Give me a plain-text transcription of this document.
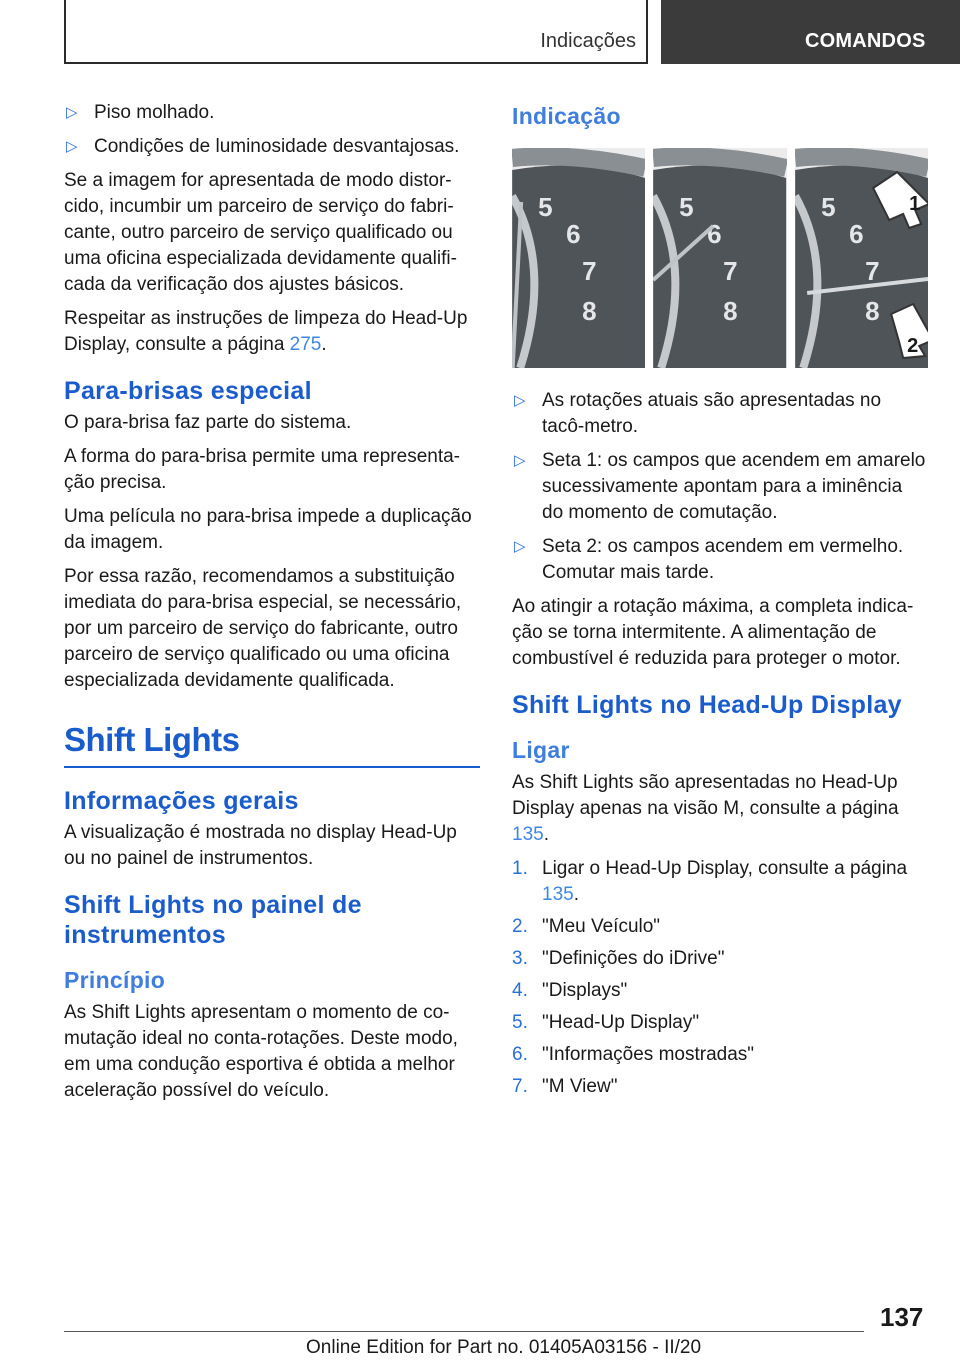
Indicações	COMANDOS
▷ Piso molhado.
▷ Condições de luminosidade desvantajosas.

Se a imagem for apresentada de modo distor-cido, incumbir um parceiro de serviço do fabri-cante, outro parceiro de serviço qualificado ou uma oficina especializada devidamente qualifi-cada da verificação dos ajustes básicos.

Respeitar as instruções de limpeza do Head-Up Display, consulte a página 275.

Para-brisas especial

O para-brisa faz parte do sistema.

A forma do para-brisa permite uma representa-ção precisa.

Uma película no para-brisa impede a duplicação da imagem.

Por essa razão, recomendamos a substituição imediata do para-brisa especial, se necessário, por um parceiro de serviço do fabricante, outro parceiro de serviço qualificado ou uma oficina especializada devidamente qualificada.

Shift Lights
Informações gerais

A visualização é mostrada no display Head-Up ou no painel de instrumentos.

Shift Lights no painel de instrumentos
Princípio

As Shift Lights apresentam o momento de co-mutação ideal no conta-rotações. Deste modo, em uma condução esportiva é obtida a melhor aceleração possível do veículo.

Indicação
5
6
7
8
5
6
7
8
5
6
7
8
1
2
▷ As rotações atuais são apresentadas no tacô-metro.
▷ Seta 1: os campos que acendem em amarelo sucessivamente apontam para a iminência do momento de comutação.
▷ Seta 2: os campos acendem em vermelho. Comutar mais tarde.

Ao atingir a rotação máxima, a completa indica-ção se torna intermitente. A alimentação de combustível é reduzida para proteger o motor.

Shift Lights no Head-Up Display
Ligar

As Shift Lights são apresentadas no Head-Up Display apenas na visão M, consulte a página 135.

1. Ligar o Head-Up Display, consulte a página 135.
2. "Meu Veículo"
3. "Definições do iDrive"
4. "Displays"
5. "Head-Up Display"
6. "Informações mostradas"
7. "M View"
137
Online Edition for Part no. 01405A03156 - II/20
